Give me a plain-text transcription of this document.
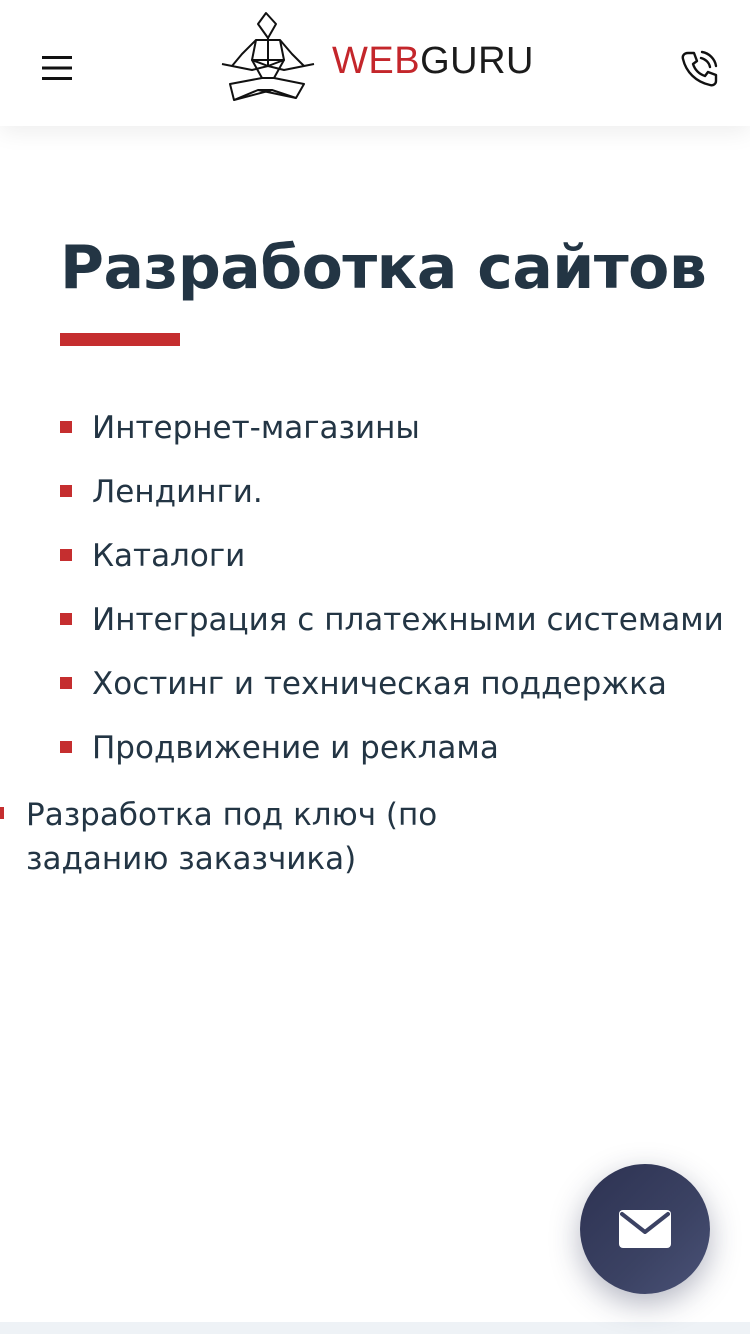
WEBGURU
Разработка сайтов
Интернет-магазины
Лендинги.
Каталоги
Интеграция с платежными системами
Хостинг и техническая поддержка
Продвижение и реклама
Разработка под ключ (по заданию заказчика)
